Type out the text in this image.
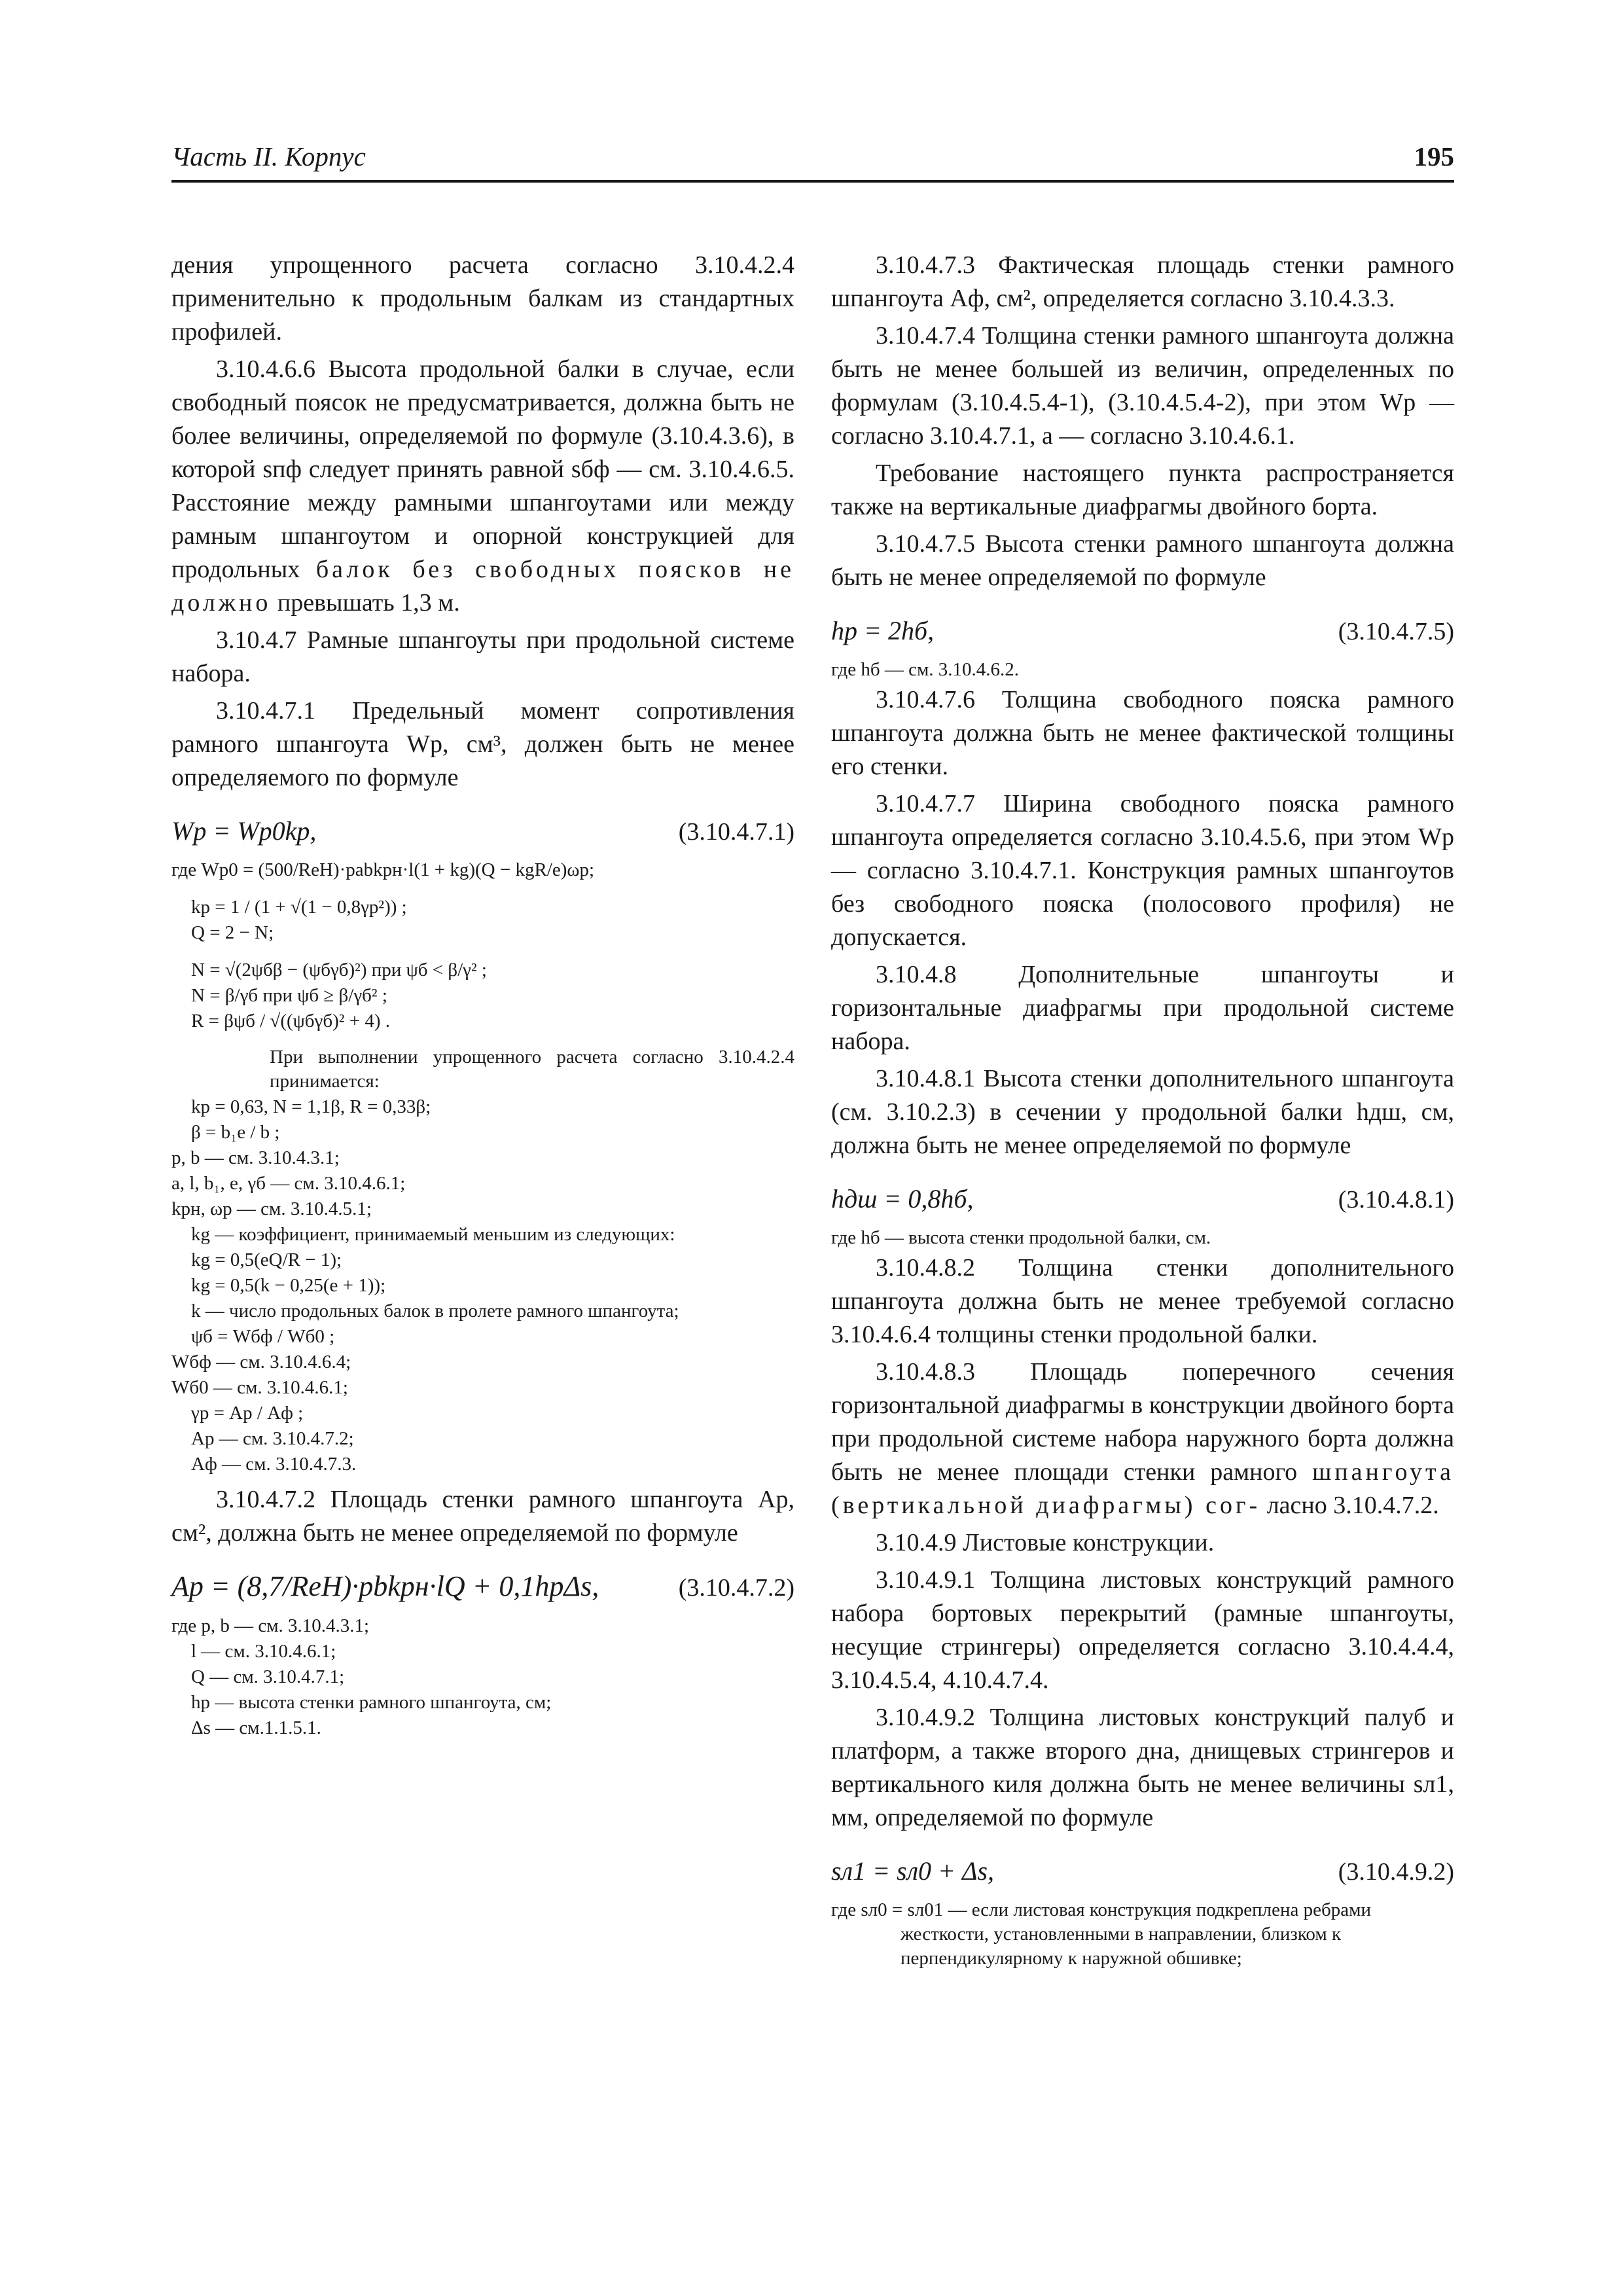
Часть II. Корпус	195

дения упрощенного расчета согласно 3.10.4.2.4 применительно к продольным балкам из стандартных профилей.

3.10.4.6.6 Высота продольной балки в случае, если свободный поясок не предусматривается, должна быть не более величины, определяемой по формуле (3.10.4.3.6), в которой sпф следует принять равной sбф — см. 3.10.4.6.5. Расстояние между рамными шпангоутами или между рамным шпангоутом и опорной конструкцией для продольных балок без свободных поясков не должно превышать 1,3 м.

3.10.4.7 Рамные шпангоуты при продольной системе набора.

3.10.4.7.1 Предельный момент сопротивления рамного шпангоута Wр, см³, должен быть не менее определяемого по формуле

Wр = Wр0kр,	(3.10.4.7.1)
где Wр0 = (500/ReH)·pabkрн·l(1 + kg)(Q − kgR/e)ωр;
kр = 1 / (1 + √(1 − 0,8γр²)) ;
Q = 2 − N;
N = √(2ψбβ − (ψбγб)²) при ψб < β/γ² ;
N = β/γб при ψб ≥ β/γб² ;
R = βψб / √((ψбγб)² + 4) .
При выполнении упрощенного расчета согласно 3.10.4.2.4 принимается:
kр = 0,63, N = 1,1β, R = 0,33β;
β = b₁e / b ;
p, b — см. 3.10.4.3.1;
a, l, b₁, e, γб — см. 3.10.4.6.1;
kрн, ωр — см. 3.10.4.5.1;
kg — коэффициент, принимаемый меньшим из следующих:
kg = 0,5(eQ/R − 1);
kg = 0,5(k − 0,25(e + 1));
k — число продольных балок в пролете рамного шпангоута;
ψб = Wбф / Wб0 ;
Wбф — см. 3.10.4.6.4;
Wб0 — см. 3.10.4.6.1;
γр = Aр / Aф ;
Aр — см. 3.10.4.7.2;
Aф — см. 3.10.4.7.3.

3.10.4.7.2 Площадь стенки рамного шпангоута Aр, см², должна быть не менее определяемой по формуле

Aр = (8,7/ReH)·pbkрн·lQ + 0,1hрΔs,	(3.10.4.7.2)
где p, b — см. 3.10.4.3.1;
l — см. 3.10.4.6.1;
Q — см. 3.10.4.7.1;
hр — высота стенки рамного шпангоута, см;
Δs — см.1.1.5.1.

3.10.4.7.3 Фактическая площадь стенки рамного шпангоута Aф, см², определяется согласно 3.10.4.3.3.

3.10.4.7.4 Толщина стенки рамного шпангоута должна быть не менее большей из величин, определенных по формулам (3.10.4.5.4-1), (3.10.4.5.4-2), при этом Wр — согласно 3.10.4.7.1, a — согласно 3.10.4.6.1.

Требование настоящего пункта распространяется также на вертикальные диафрагмы двойного борта.

3.10.4.7.5 Высота стенки рамного шпангоута должна быть не менее определяемой по формуле

hр = 2hб,	(3.10.4.7.5)
где hб — см. 3.10.4.6.2.

3.10.4.7.6 Толщина свободного пояска рамного шпангоута должна быть не менее фактической толщины его стенки.

3.10.4.7.7 Ширина свободного пояска рамного шпангоута определяется согласно 3.10.4.5.6, при этом Wр — согласно 3.10.4.7.1. Конструкция рамных шпангоутов без свободного пояска (полосового профиля) не допускается.

3.10.4.8 Дополнительные шпангоуты и горизонтальные диафрагмы при продольной системе набора.

3.10.4.8.1 Высота стенки дополнительного шпангоута (см. 3.10.2.3) в сечении у продольной балки hдш, см, должна быть не менее определяемой по формуле

hдш = 0,8hб,	(3.10.4.8.1)
где hб — высота стенки продольной балки, см.

3.10.4.8.2 Толщина стенки дополнительного шпангоута должна быть не менее требуемой согласно 3.10.4.6.4 толщины стенки продольной балки.

3.10.4.8.3 Площадь поперечного сечения горизонтальной диафрагмы в конструкции двойного борта при продольной системе набора наружного борта должна быть не менее площади стенки рамного шпангоута (вертикальной диафрагмы) сог- ласно 3.10.4.7.2.

3.10.4.9 Листовые конструкции.

3.10.4.9.1 Толщина листовых конструкций рамного набора бортовых перекрытий (рамные шпангоуты, несущие стрингеры) определяется согласно 3.10.4.4.4, 3.10.4.5.4, 4.10.4.7.4.

3.10.4.9.2 Толщина листовых конструкций палуб и платформ, а также второго дна, днищевых стрингеров и вертикального киля должна быть не менее величины sл1, мм, определяемой по формуле

sл1 = sл0 + Δs,	(3.10.4.9.2)
где sл0 = sл01 — если листовая конструкция подкреплена ребрами жесткости, установленными в направлении, близком к перпендикулярному к наружной обшивке;
